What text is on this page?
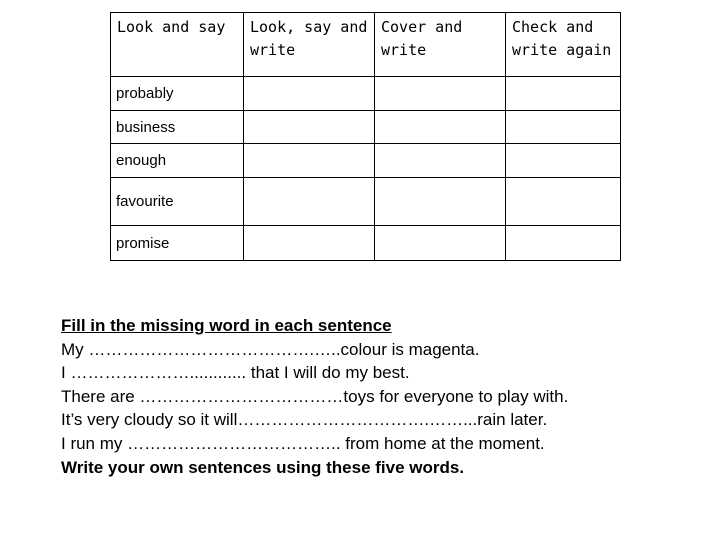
Look and say	Look, say and write	Cover and write	Check and write again
probably			
business			
enough			
favourite			
promise			
Fill in the missing word in each sentence
My ………………………………….…..colour is magenta.
I …………………............ that I will do my best.
There are ………………………………toys for everyone to play with.
It’s very cloudy so it will…………………………….……...rain later.
I run my ……………………………….. from home at the moment.
Write your own sentences using these five words.
